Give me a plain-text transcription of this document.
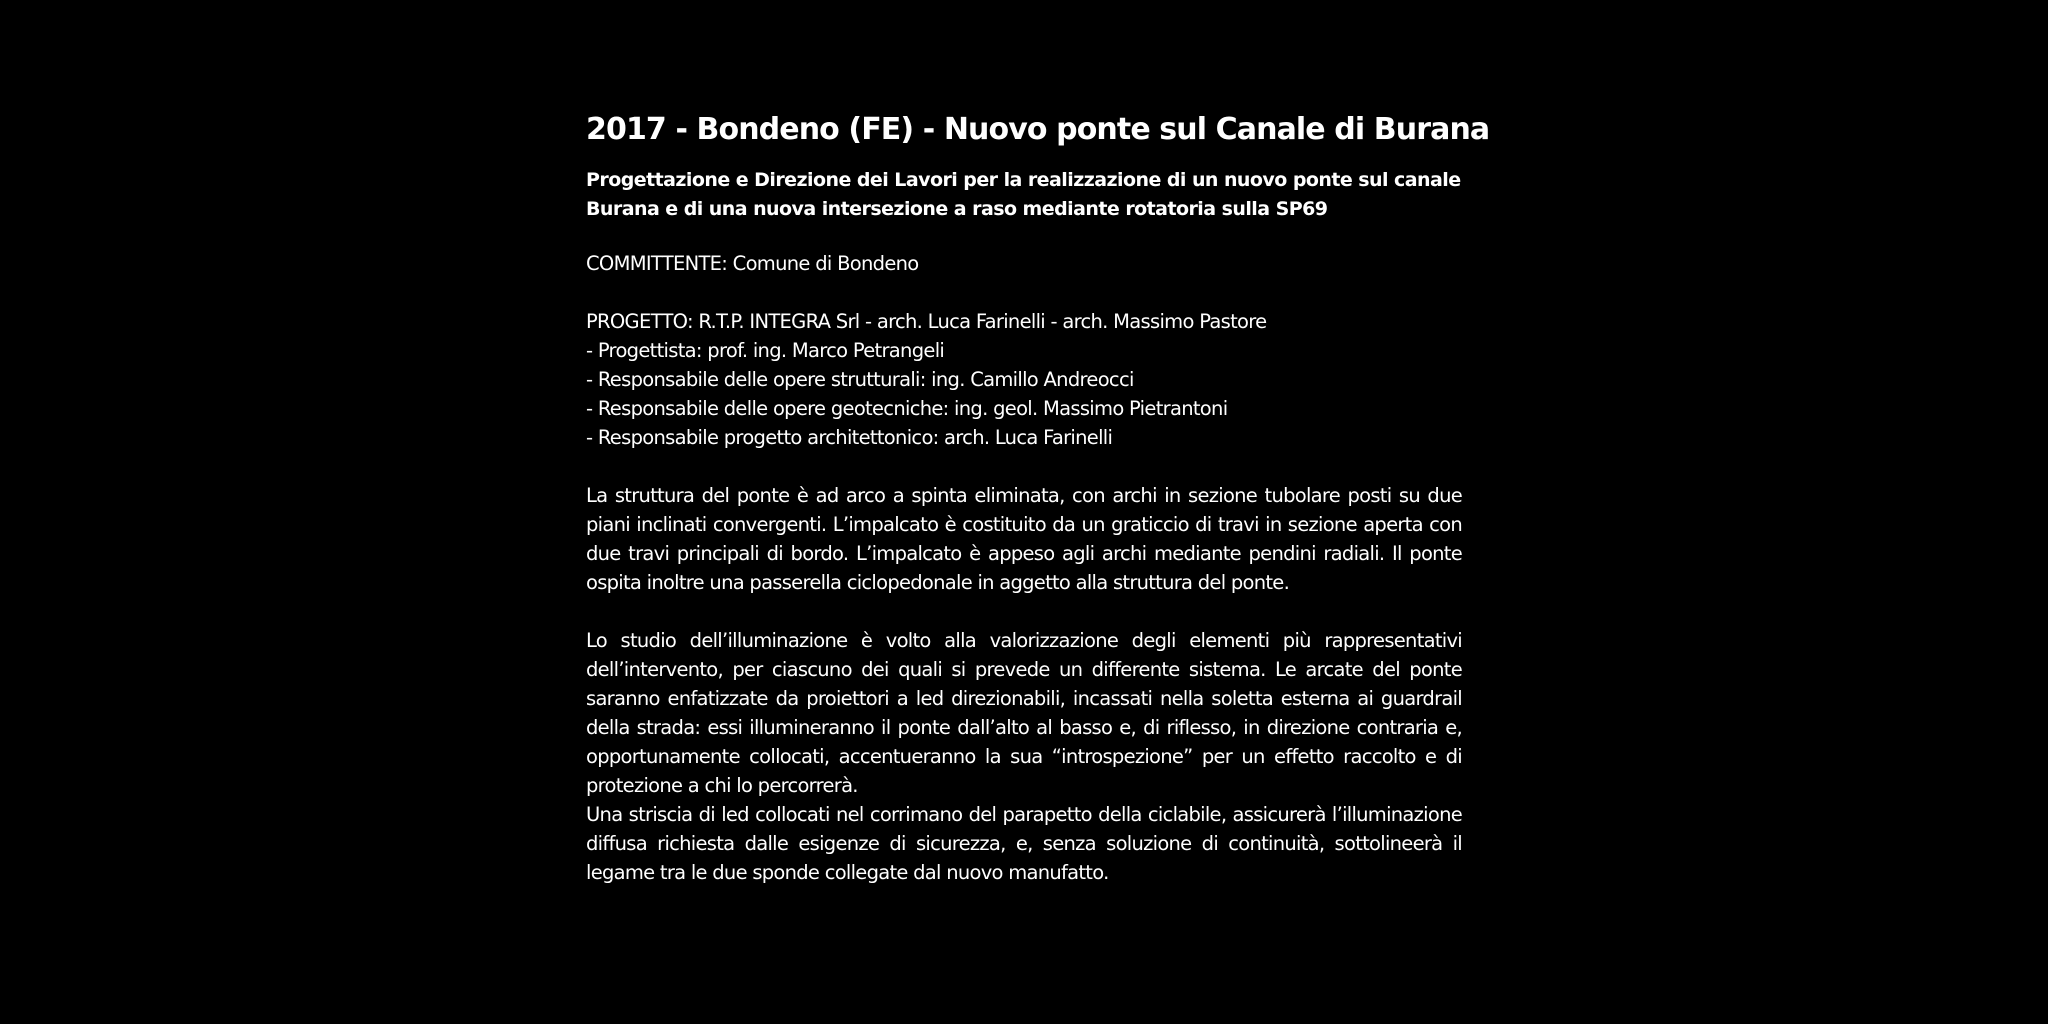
2017 - Bondeno (FE) - Nuovo ponte sul Canale di Burana
Progettazione e Direzione dei Lavori per la realizzazione di un nuovo ponte sul canale
Burana e di una nuova intersezione a raso mediante rotatoria sulla SP69

COMMITTENTE: Comune di Bondeno

PROGETTO: R.T.P. INTEGRA Srl - arch. Luca Farinelli - arch. Massimo Pastore
- Progettista: prof. ing. Marco Petrangeli
- Responsabile delle opere strutturali: ing. Camillo Andreocci
- Responsabile delle opere geotecniche: ing. geol. Massimo Pietrantoni
- Responsabile progetto architettonico: arch. Luca Farinelli

La struttura del ponte è ad arco a spinta eliminata, con archi in sezione tubolare posti su due piani inclinati convergenti. L’impalcato è costituito da un graticcio di travi in sezione aperta con due travi principali di bordo. L’impalcato è appeso agli archi mediante pendini radiali. Il ponte ospita inoltre una passerella ciclopedonale in aggetto alla struttura del ponte.

Lo studio dell’illuminazione è volto alla valorizzazione degli elementi più rappresentativi dell’intervento, per ciascuno dei quali si prevede un differente sistema. Le arcate del ponte saranno enfatizzate da proiettori a led direzionabili, incassati nella soletta esterna ai guardrail della strada: essi illumineranno il ponte dall’alto al basso e, di riflesso, in direzione contraria e, opportunamente collocati, accentueranno la sua “introspezione” per un effetto raccolto e di protezione a chi lo percorrerà.

Una striscia di led collocati nel corrimano del parapetto della ciclabile, assicurerà l’illuminazione diffusa richiesta dalle esigenze di sicurezza, e, senza soluzione di continuità, sottolineerà il legame tra le due sponde collegate dal nuovo manufatto.
